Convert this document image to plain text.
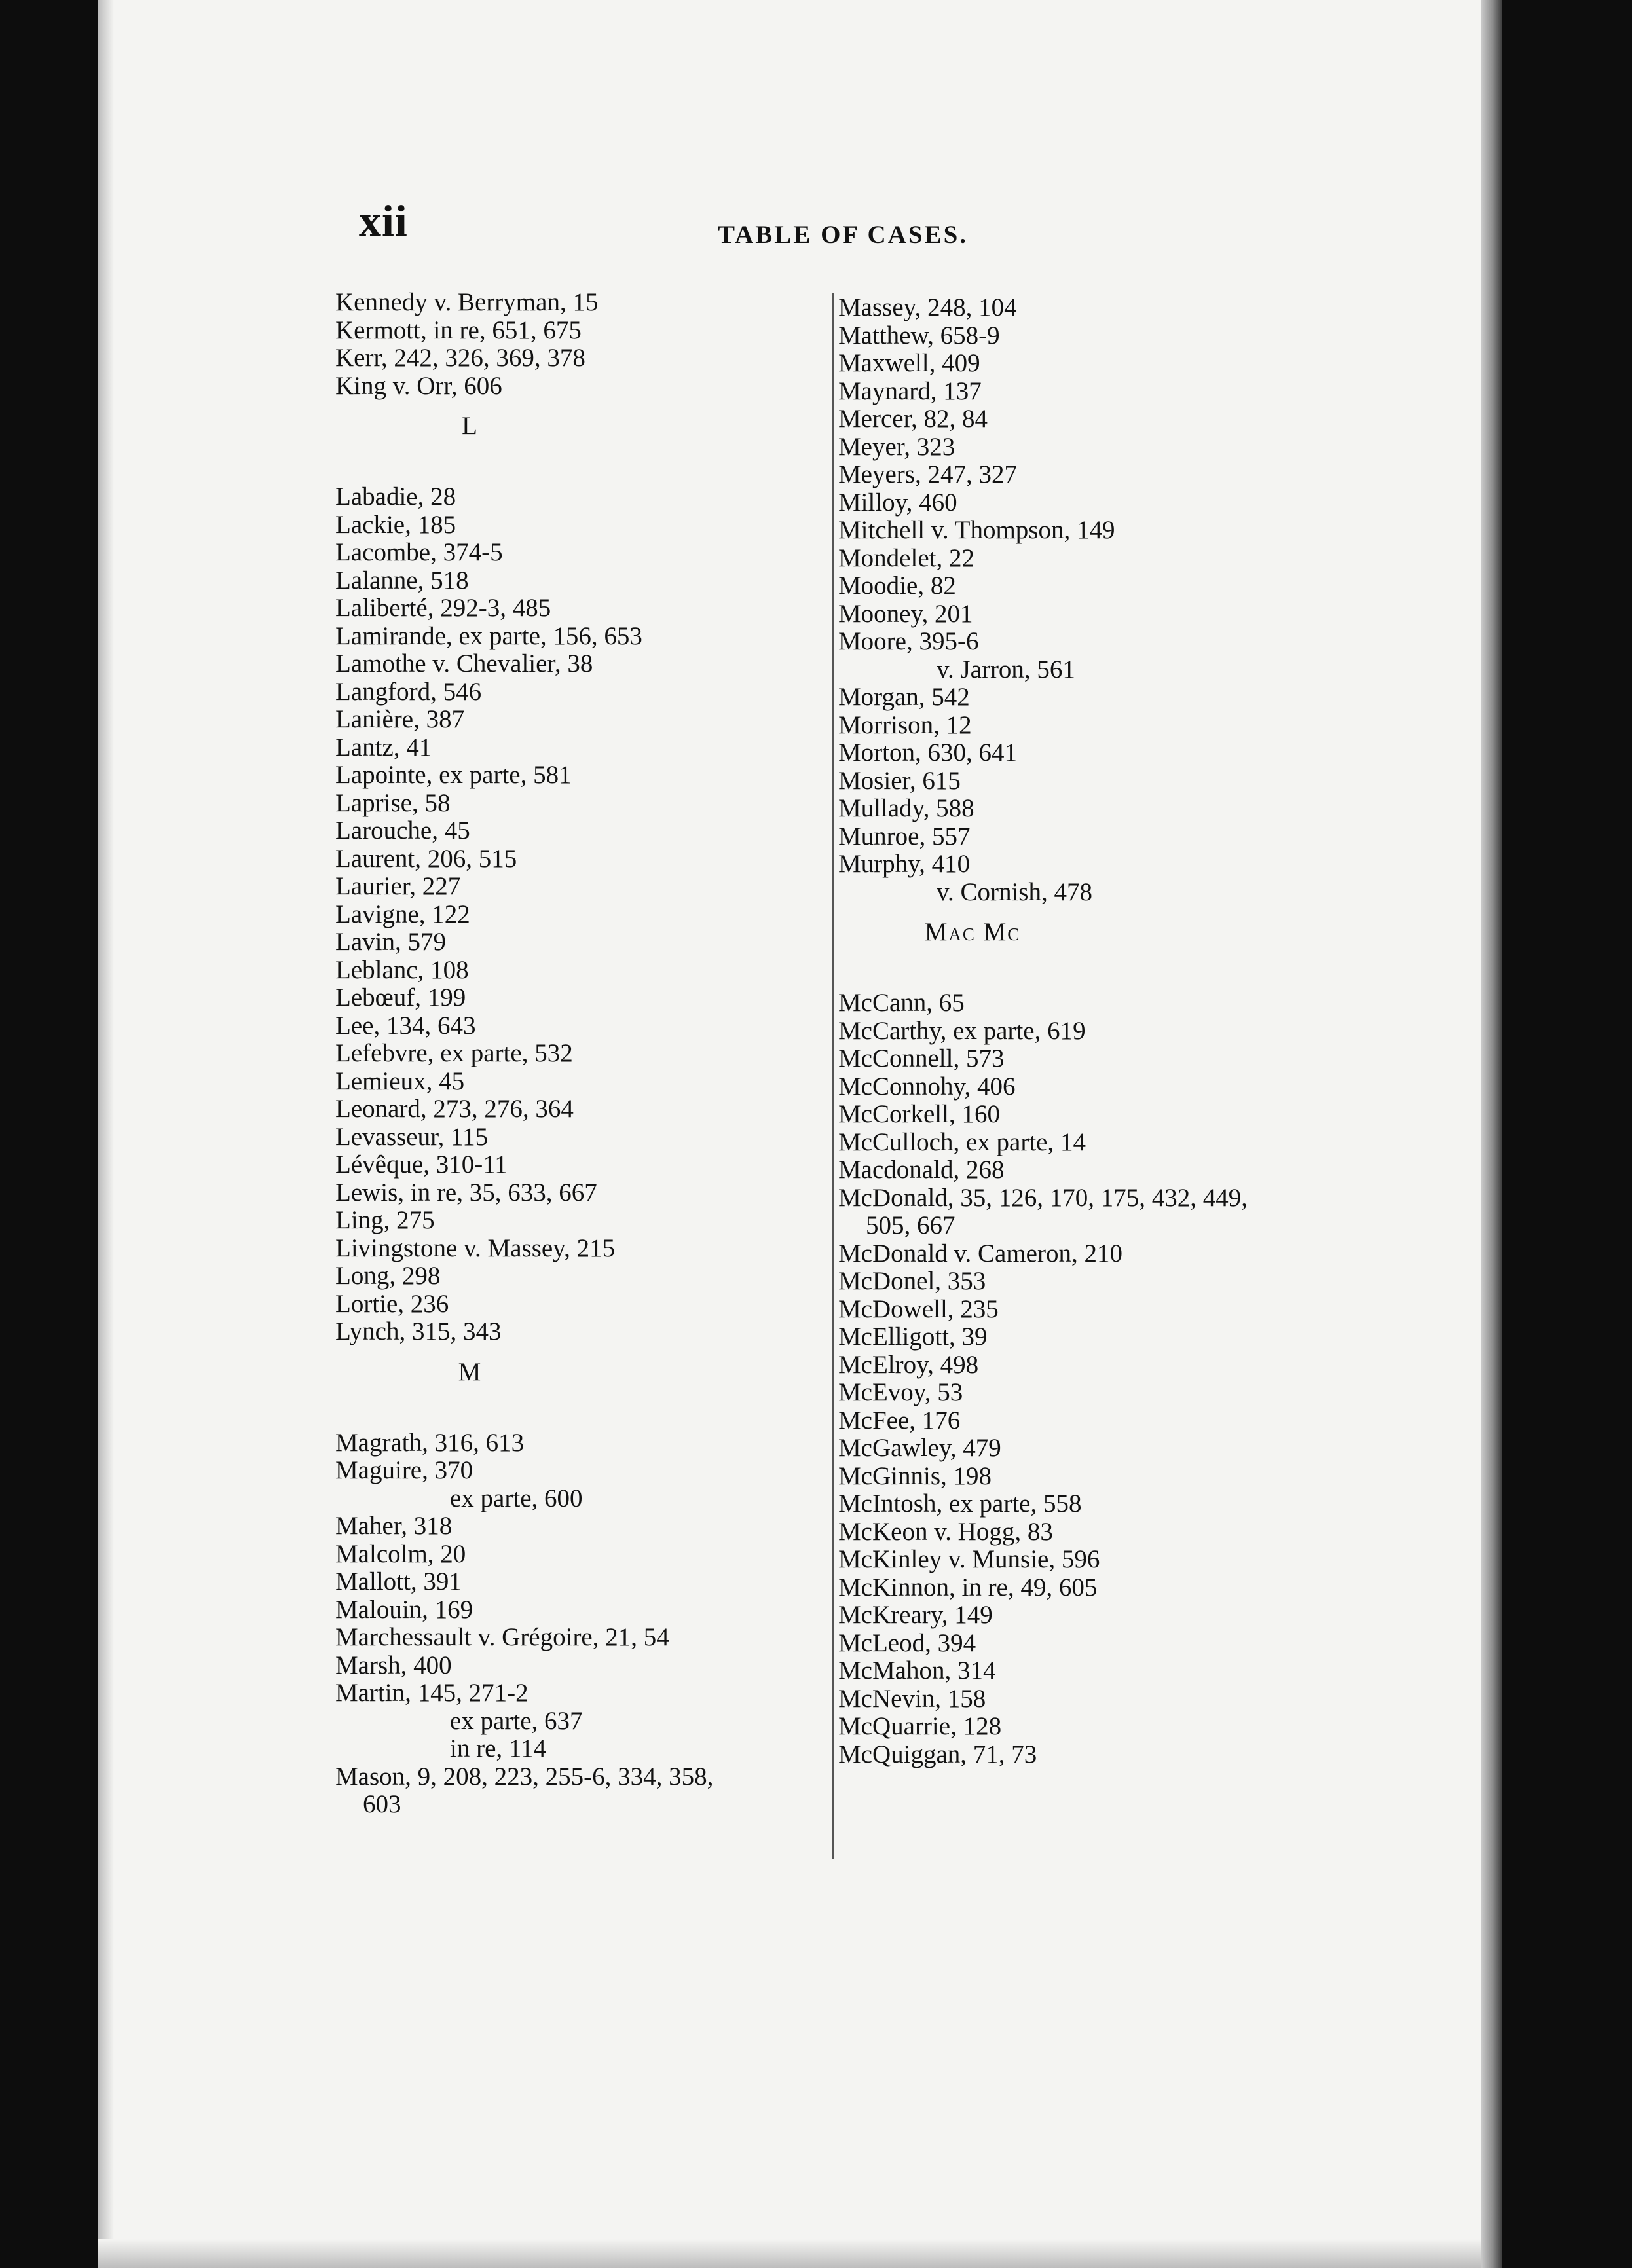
xii	TABLE OF CASES.
Kennedy v. Berryman, 15
Kermott, in re, 651, 675
Kerr, 242, 326, 369, 378
King v. Orr, 606
L
Labadie, 28
Lackie, 185
Lacombe, 374-5
Lalanne, 518
Laliberté, 292-3, 485
Lamirande, ex parte, 156, 653
Lamothe v. Chevalier, 38
Langford, 546
Lanière, 387
Lantz, 41
Lapointe, ex parte, 581
Laprise, 58
Larouche, 45
Laurent, 206, 515
Laurier, 227
Lavigne, 122
Lavin, 579
Leblanc, 108
Lebœuf, 199
Lee, 134, 643
Lefebvre, ex parte, 532
Lemieux, 45
Leonard, 273, 276, 364
Levasseur, 115
Lévêque, 310-11
Lewis, in re, 35, 633, 667
Ling, 275
Livingstone v. Massey, 215
Long, 298
Lortie, 236
Lynch, 315, 343
M
Magrath, 316, 613
Maguire, 370
ex parte, 600
Maher, 318
Malcolm, 20
Mallott, 391
Malouin, 169
Marchessault v. Grégoire, 21, 54
Marsh, 400
Martin, 145, 271-2
ex parte, 637
in re, 114
Mason, 9, 208, 223, 255-6, 334, 358,
603
Massey, 248, 104
Matthew, 658-9
Maxwell, 409
Maynard, 137
Mercer, 82, 84
Meyer, 323
Meyers, 247, 327
Milloy, 460
Mitchell v. Thompson, 149
Mondelet, 22
Moodie, 82
Mooney, 201
Moore, 395-6
v. Jarron, 561
Morgan, 542
Morrison, 12
Morton, 630, 641
Mosier, 615
Mullady, 588
Munroe, 557
Murphy, 410
v. Cornish, 478
Mac Mc
McCann, 65
McCarthy, ex parte, 619
McConnell, 573
McConnohy, 406
McCorkell, 160
McCulloch, ex parte, 14
Macdonald, 268
McDonald, 35, 126, 170, 175, 432, 449,
505, 667
McDonald v. Cameron, 210
McDonel, 353
McDowell, 235
McElligott, 39
McElroy, 498
McEvoy, 53
McFee, 176
McGawley, 479
McGinnis, 198
McIntosh, ex parte, 558
McKeon v. Hogg, 83
McKinley v. Munsie, 596
McKinnon, in re, 49, 605
McKreary, 149
McLeod, 394
McMahon, 314
McNevin, 158
McQuarrie, 128
McQuiggan, 71, 73
